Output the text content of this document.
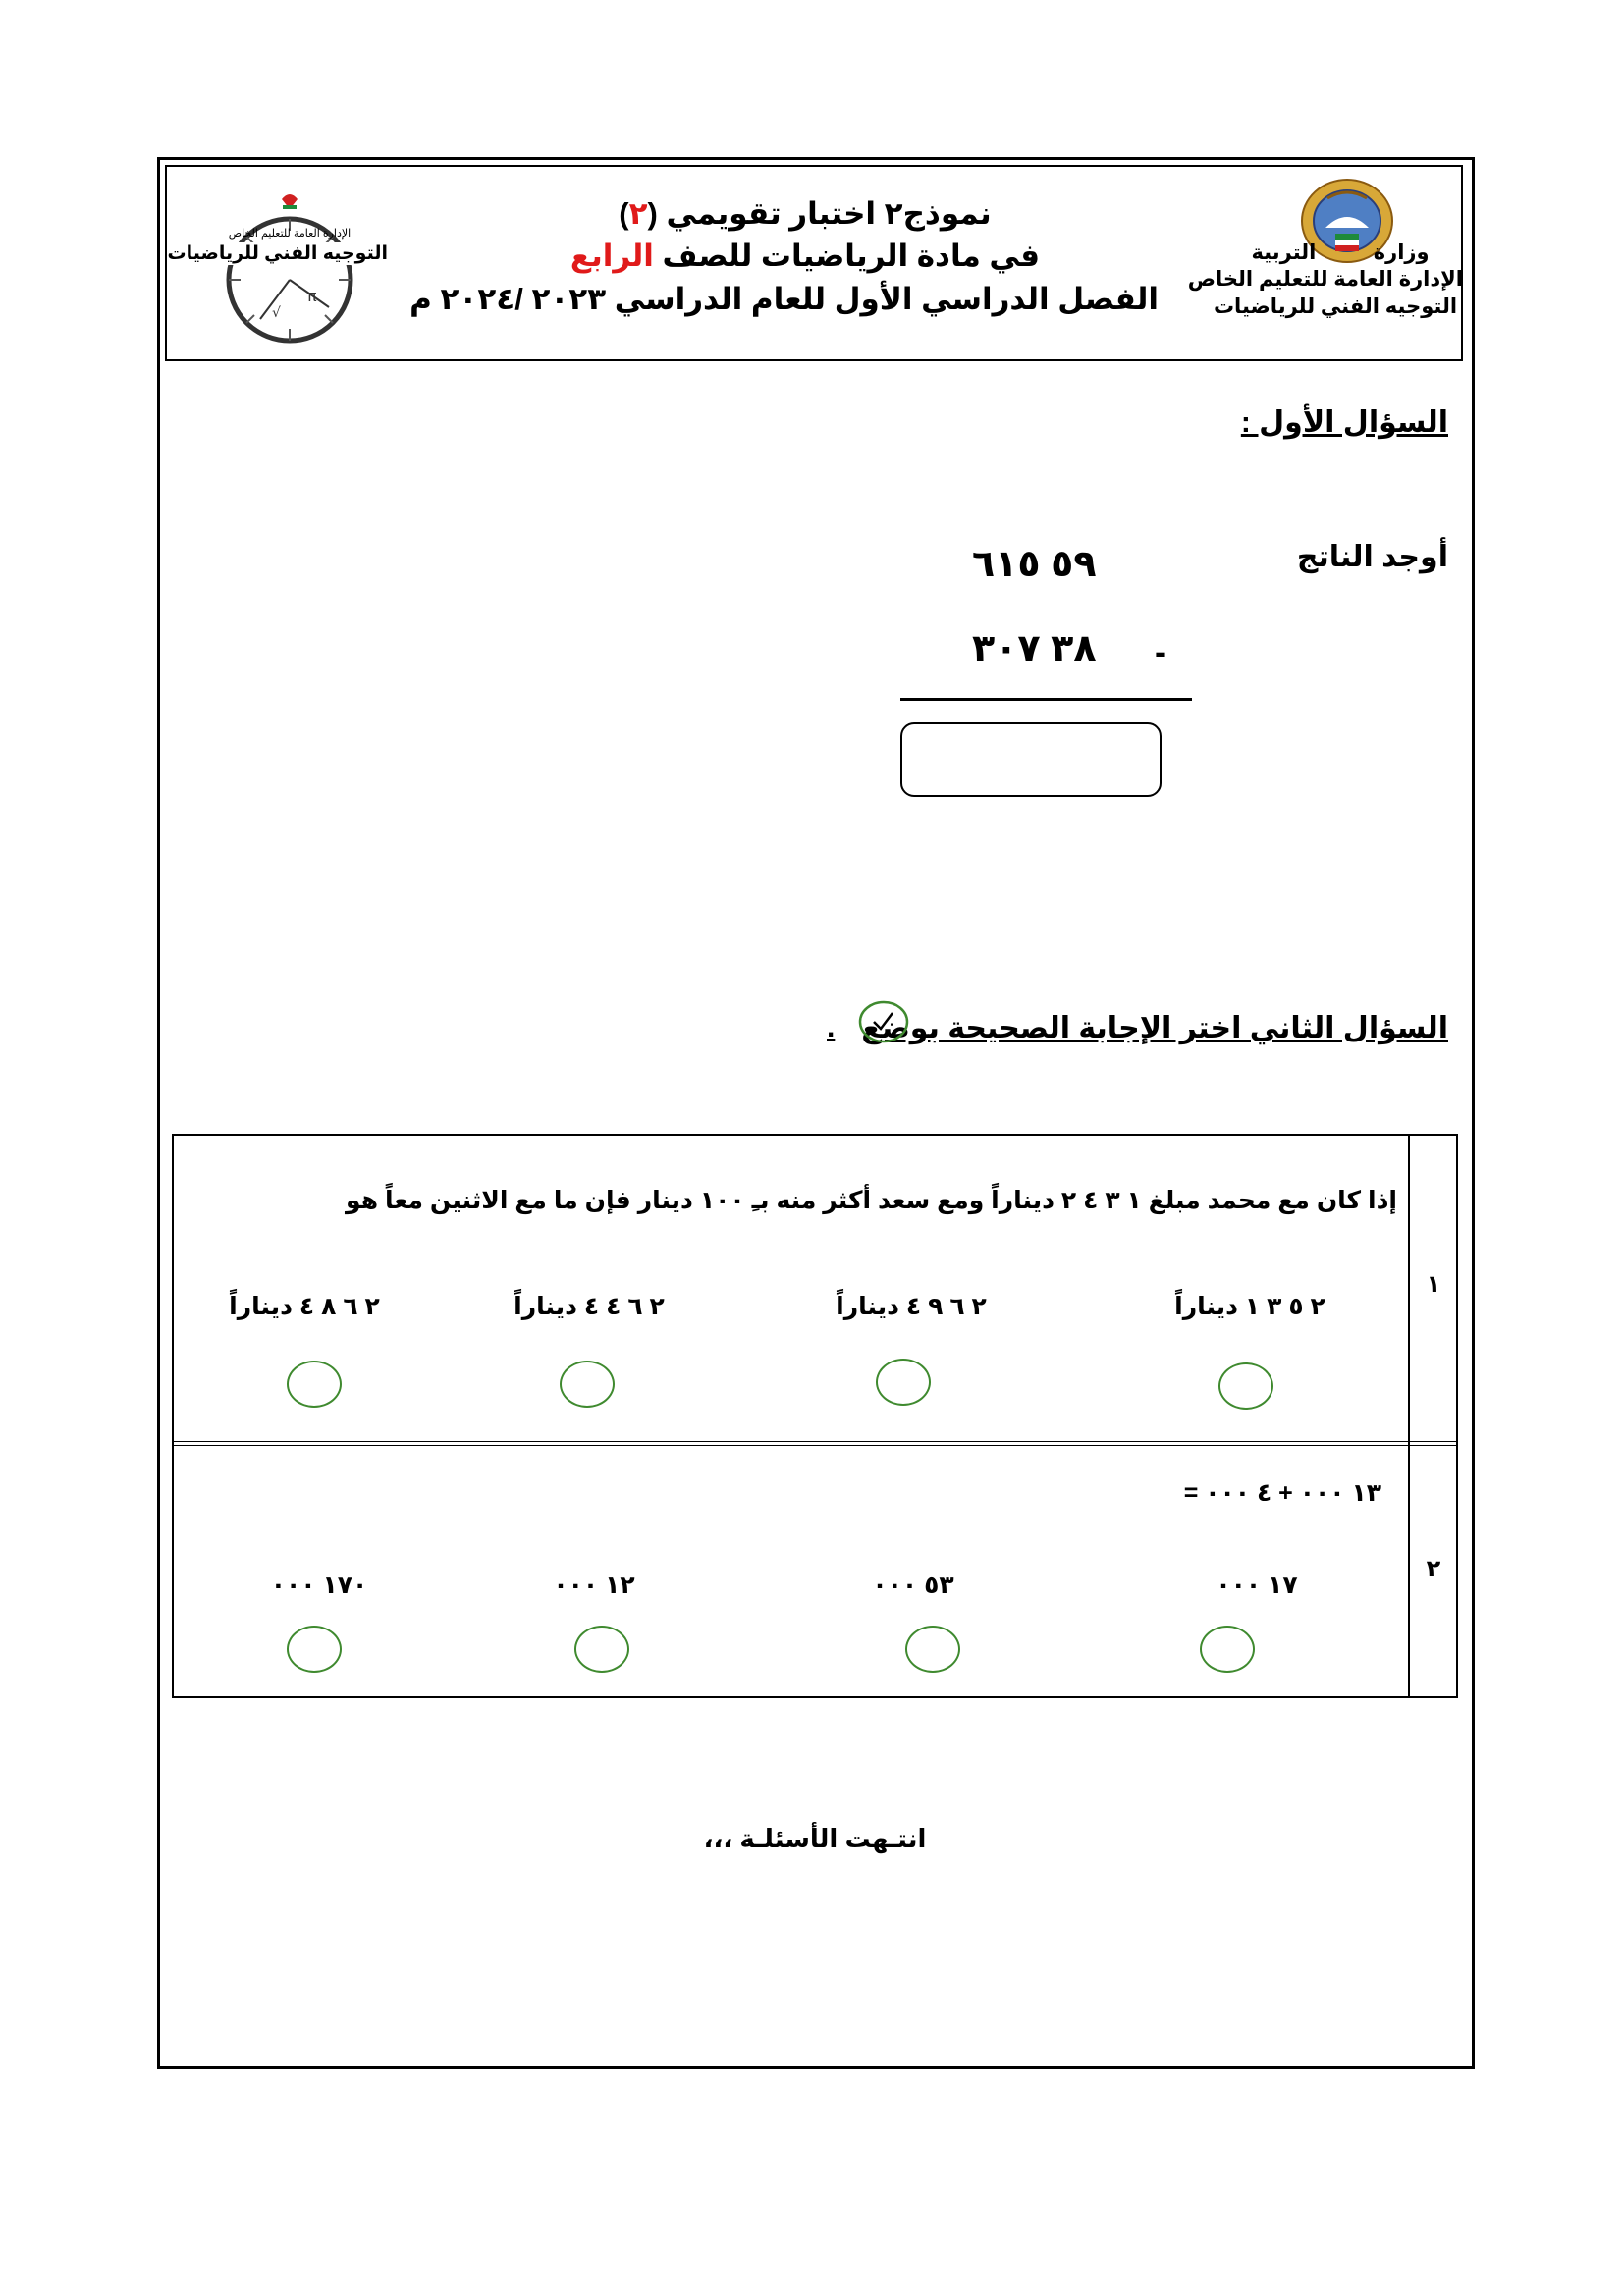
نموذج٢ اختبار تقويمي (٢)
في مادة الرياضيات للصف الرابع
الفصل الدراسي الأول للعام الدراسي ٢٠٢٣ /٢٠٢٤ م
وزارة          التربية
الإدارة العامة للتعليم الخاص
التوجيه الفني للرياضيات
π
√
الإدارة العامة للتعليم الخاص
التوجيه الفني للرياضيات
السؤال الأول :
أوجد الناتج
٥٩ ٦١٥
٣٨ ٣٠٧ -
السؤال الثاني اختر الإجابة الصحيحة بوضع
.
١
إذا كان مع محمد مبلغ ١ ٣ ٤ ٢ ديناراً ومع سعد أكثر منه بـِ ١٠٠ دينار فإن ما مع الاثنين معاً هو
٢ ٥ ٣ ١ ديناراً
٢ ٦ ٩ ٤ ديناراً
٢ ٦ ٤ ٤ ديناراً
٢ ٦ ٨ ٤ ديناراً
٢
١٣ ٠٠٠ + ٤ ٠٠٠ =
١٧ ٠٠٠
٥٣ ٠٠٠
١٢ ٠٠٠
١٧٠ ٠٠٠
انتـهت الأسئلـة ،،،
